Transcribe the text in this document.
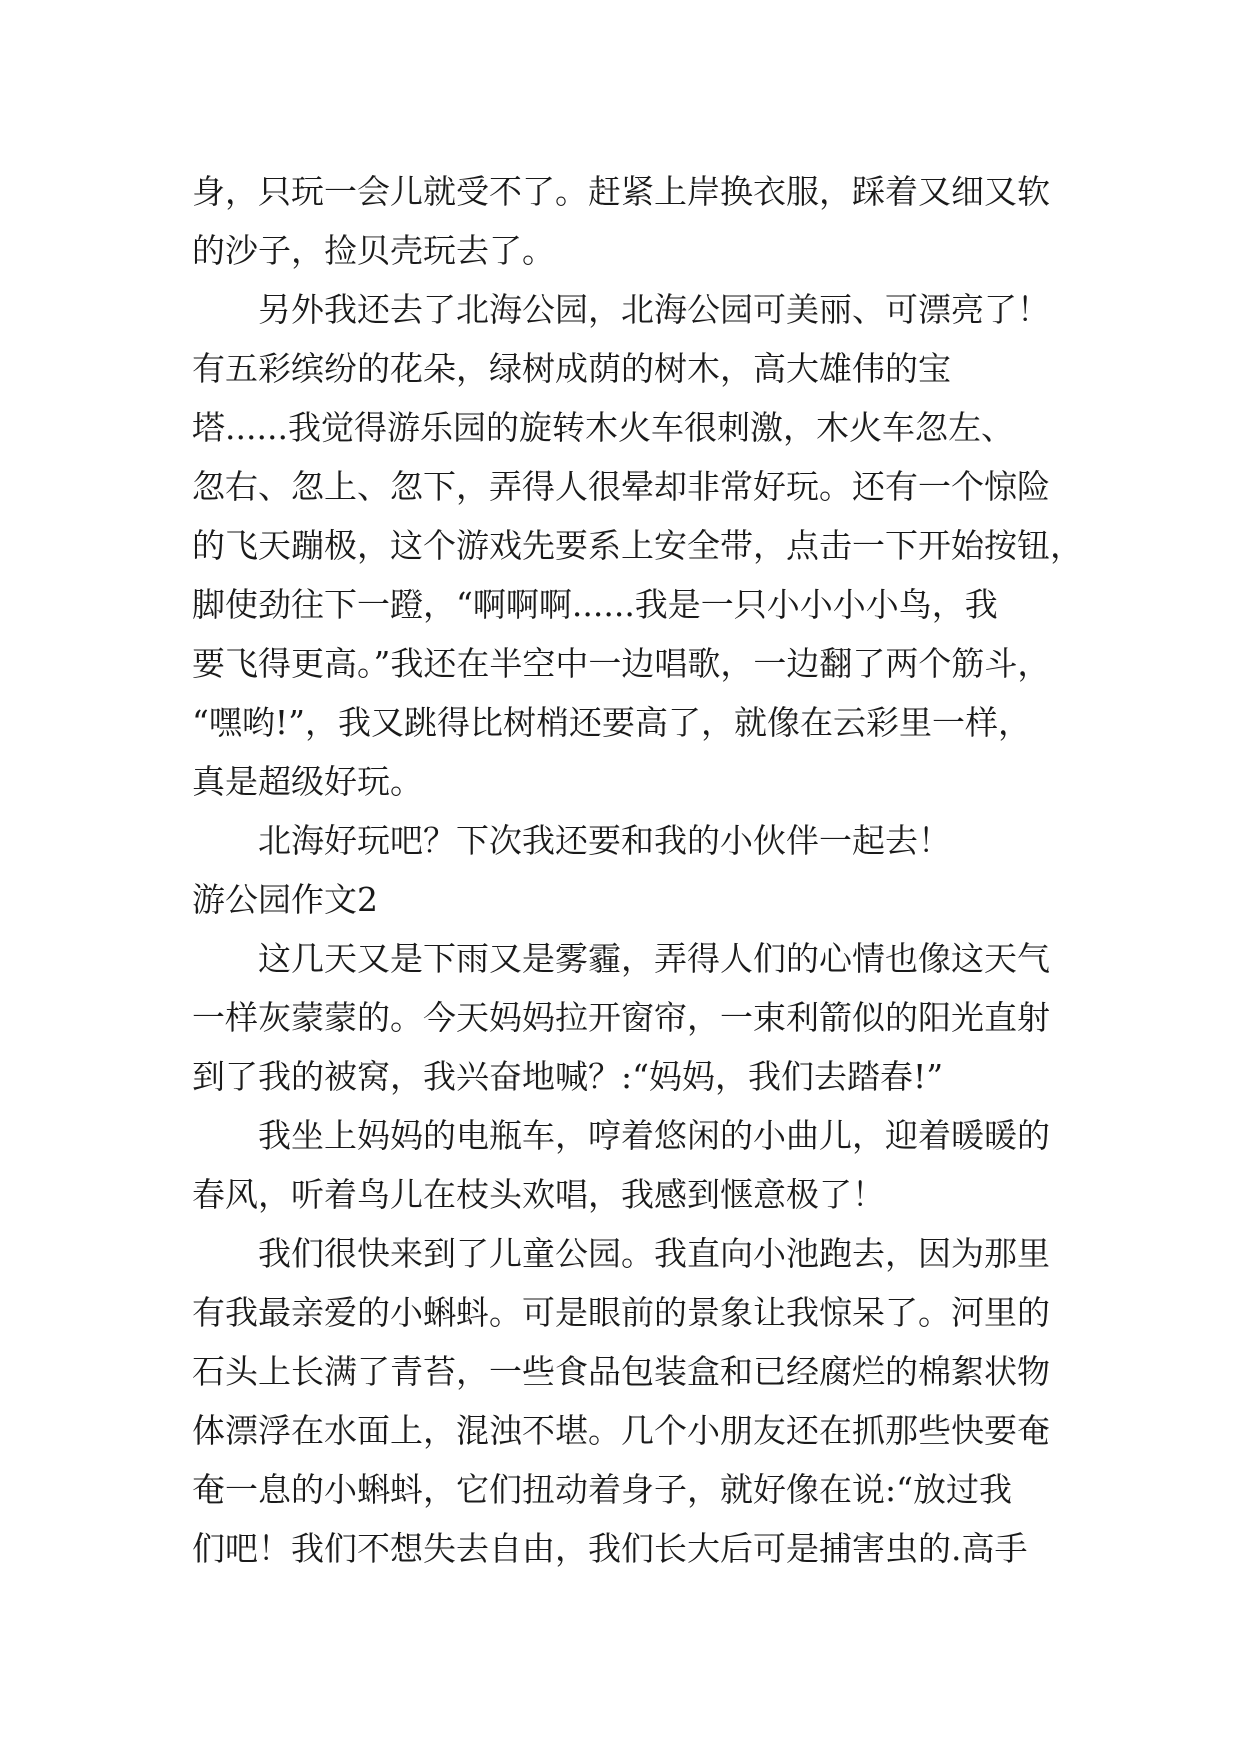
身，只玩一会儿就受不了。赶紧上岸换衣服，踩着又细又软
的沙子，捡贝壳玩去了。
　　另外我还去了北海公园，北海公园可美丽、可漂亮了！
有五彩缤纷的花朵，绿树成荫的树木，高大雄伟的宝
塔......我觉得游乐园的旋转木火车很刺激，木火车忽左、
忽右、忽上、忽下，弄得人很晕却非常好玩。还有一个惊险
的飞天蹦极，这个游戏先要系上安全带，点击一下开始按钮，
脚使劲往下一蹬，“啊啊啊......我是一只小小小小鸟，我
要飞得更高。”我还在半空中一边唱歌，一边翻了两个筋斗，
“嘿哟!”，我又跳得比树梢还要高了，就像在云彩里一样，
真是超级好玩。
　　北海好玩吧？下次我还要和我的小伙伴一起去！
游公园作文2
　　这几天又是下雨又是雾霾，弄得人们的心情也像这天气
一样灰蒙蒙的。今天妈妈拉开窗帘，一束利箭似的阳光直射
到了我的被窝，我兴奋地喊？:“妈妈，我们去踏春!”
　　我坐上妈妈的电瓶车，哼着悠闲的小曲儿，迎着暖暖的
春风，听着鸟儿在枝头欢唱，我感到惬意极了！
　　我们很快来到了儿童公园。我直向小池跑去，因为那里
有我最亲爱的小蝌蚪。可是眼前的景象让我惊呆了。河里的
石头上长满了青苔，一些食品包装盒和已经腐烂的棉絮状物
体漂浮在水面上，混浊不堪。几个小朋友还在抓那些快要奄
奄一息的小蝌蚪，它们扭动着身子，就好像在说:“放过我
们吧！我们不想失去自由，我们长大后可是捕害虫的.高手
